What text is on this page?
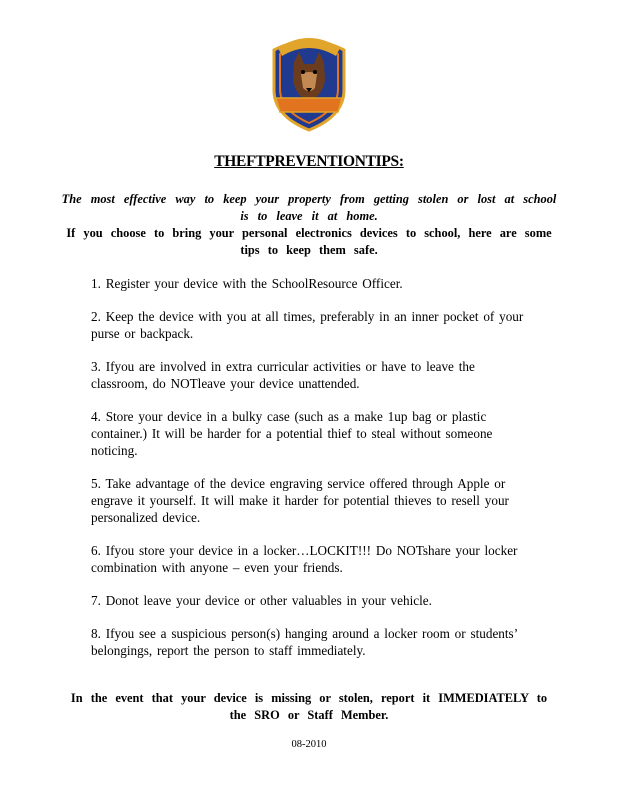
THEFTPREVENTIONTIPS:
The most effective way to keep your property from getting stolen or lost at school is to leave it at home.
If you choose to bring your personal electronics devices to school, here are some tips to keep them safe.

1. Register your device with the SchoolResource Officer.

2. Keep the device with you at all times, preferably in an inner pocket of your purse or backpack.

3. Ifyou are involved in extra curricular activities or have to leave the classroom, do NOTleave your device unattended.

4. Store your device in a bulky case (such as a make 1up bag or plastic container.) It will be harder for a potential thief to steal without someone noticing.

5. Take advantage of the device engraving service offered through Apple or engrave it yourself. It will make it harder for potential thieves to resell your personalized device.

6. Ifyou store your device in a locker…LOCKIT!!! Do NOTshare your locker combination with anyone – even your friends.

7. Donot leave your device or other valuables in your vehicle.

8. Ifyou see a suspicious person(s) hanging around a locker room or students’ belongings, report the person to staff immediately.

In the event that your device is missing or stolen, report it IMMEDIATELY to the SRO or Staff Member.
08-2010
